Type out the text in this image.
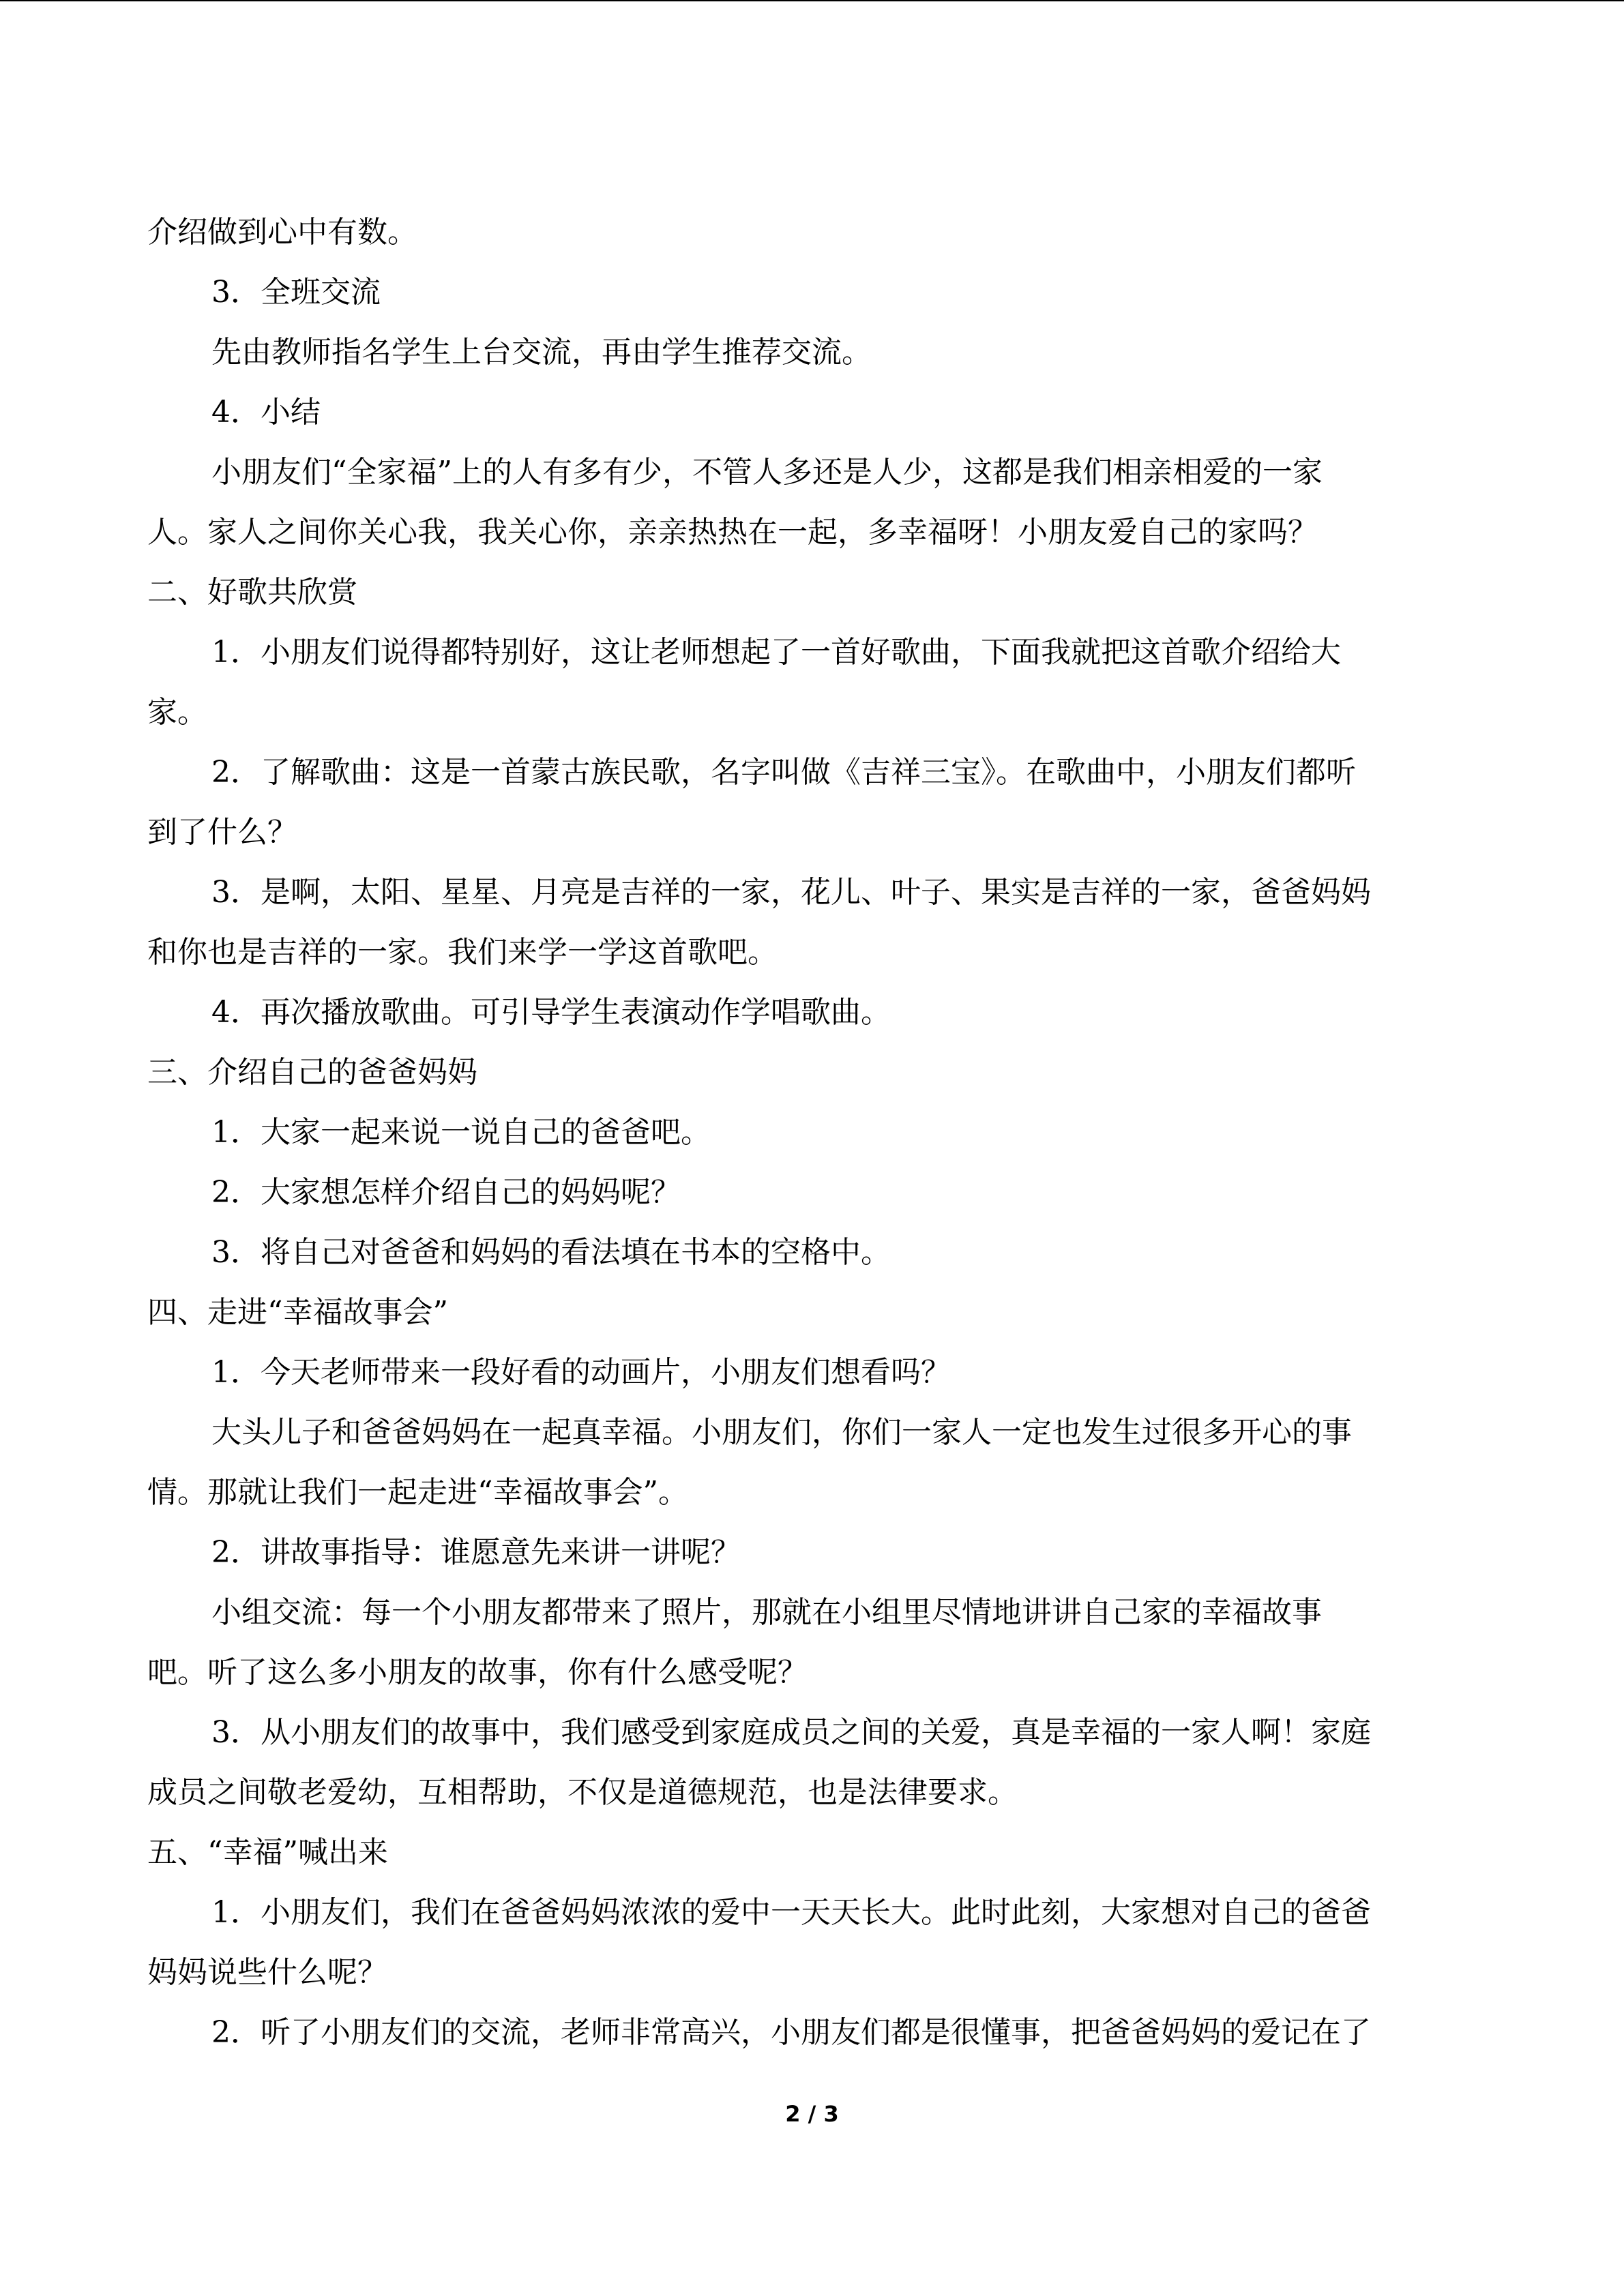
介绍做到心中有数。
3．全班交流
先由教师指名学生上台交流，再由学生推荐交流。
4．小结
小朋友们“全家福”上的人有多有少，不管人多还是人少，这都是我们相亲相爱的一家
人。家人之间你关心我，我关心你，亲亲热热在一起，多幸福呀！小朋友爱自己的家吗？
二、好歌共欣赏
1．小朋友们说得都特别好，这让老师想起了一首好歌曲，下面我就把这首歌介绍给大
家。
2．了解歌曲：这是一首蒙古族民歌，名字叫做《吉祥三宝》。在歌曲中，小朋友们都听
到了什么？
3．是啊，太阳、星星、月亮是吉祥的一家，花儿、叶子、果实是吉祥的一家，爸爸妈妈
和你也是吉祥的一家。我们来学一学这首歌吧。
4．再次播放歌曲。可引导学生表演动作学唱歌曲。
三、介绍自己的爸爸妈妈
1．大家一起来说一说自己的爸爸吧。
2．大家想怎样介绍自己的妈妈呢？
3．将自己对爸爸和妈妈的看法填在书本的空格中。
四、走进“幸福故事会”
1．今天老师带来一段好看的动画片，小朋友们想看吗？
大头儿子和爸爸妈妈在一起真幸福。小朋友们，你们一家人一定也发生过很多开心的事
情。那就让我们一起走进“幸福故事会”。
2．讲故事指导：谁愿意先来讲一讲呢？
小组交流：每一个小朋友都带来了照片，那就在小组里尽情地讲讲自己家的幸福故事
吧。听了这么多小朋友的故事，你有什么感受呢？
3．从小朋友们的故事中，我们感受到家庭成员之间的关爱，真是幸福的一家人啊！家庭
成员之间敬老爱幼，互相帮助，不仅是道德规范，也是法律要求。
五、“幸福”喊出来
1．小朋友们，我们在爸爸妈妈浓浓的爱中一天天长大。此时此刻，大家想对自己的爸爸
妈妈说些什么呢？
2．听了小朋友们的交流，老师非常高兴，小朋友们都是很懂事，把爸爸妈妈的爱记在了
2 / 3
